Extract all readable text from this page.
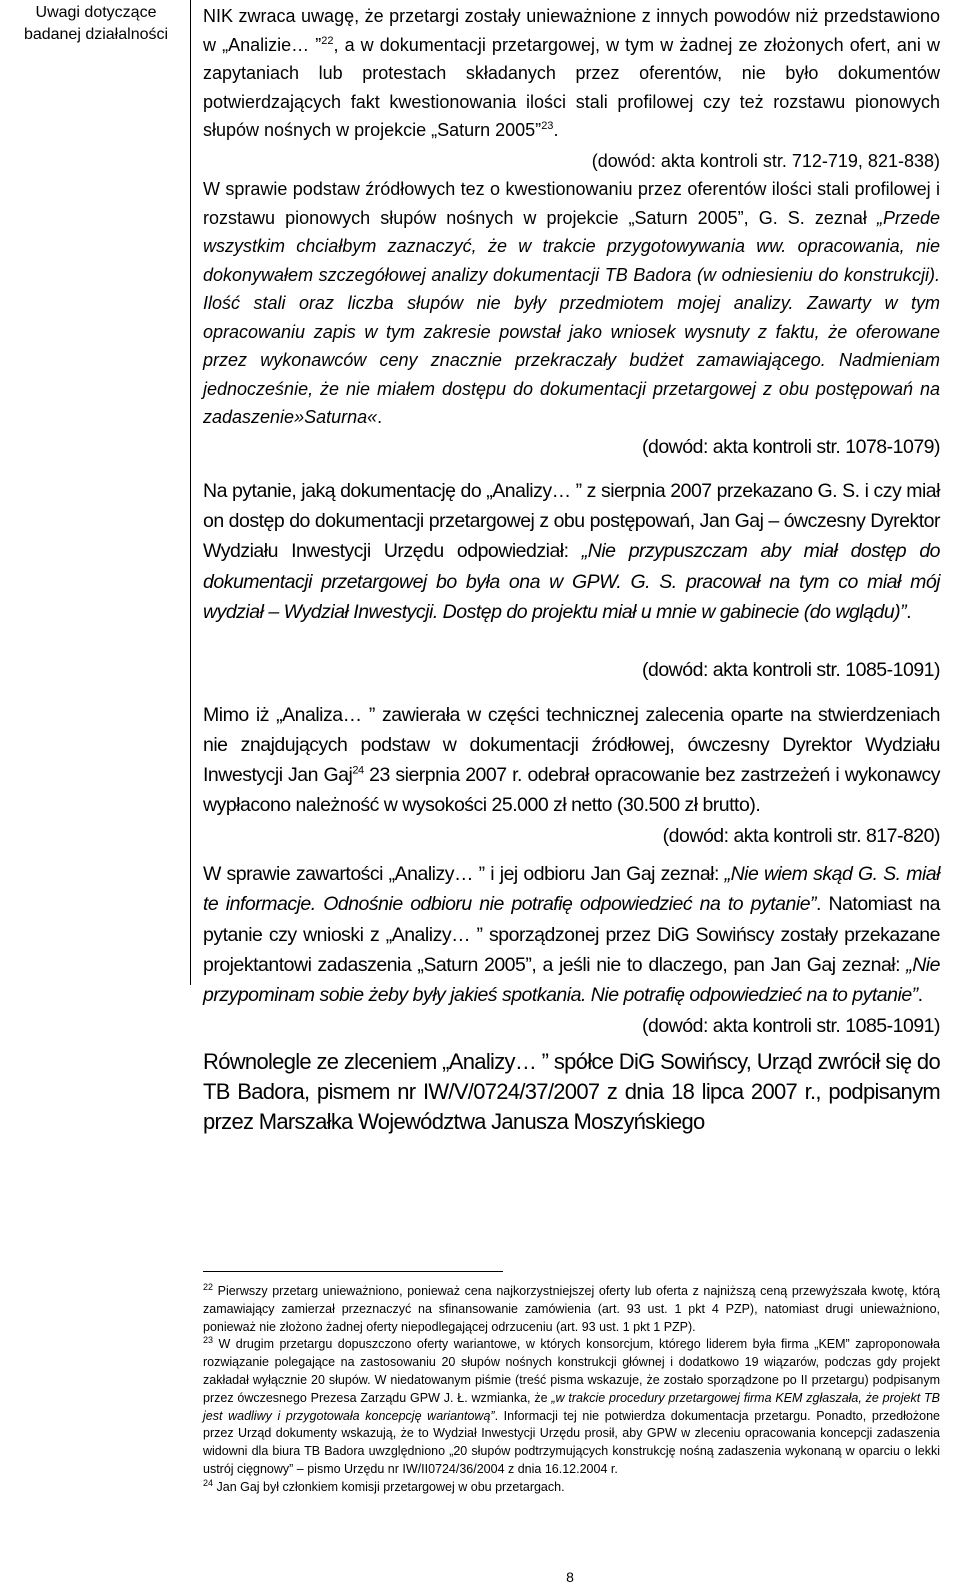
Uwagi dotyczące badanej działalności

NIK zwraca uwagę, że przetargi zostały unieważnione z innych powodów niż przedstawiono w „Analizie… ”$^{22}$, a w dokumentacji przetargowej, w tym w żadnej ze złożonych ofert, ani w zapytaniach lub protestach składanych przez oferentów, nie było dokumentów potwierdzających fakt kwestionowania ilości stali profilowej czy też rozstawu pionowych słupów nośnych w projekcie „Saturn 2005”$^{23}$.

(dowód: akta kontroli str. 712-719, 821-838)

W sprawie podstaw źródłowych tez o kwestionowaniu przez oferentów ilości stali profilowej i rozstawu pionowych słupów nośnych w projekcie „Saturn 2005”, G. S. zeznał „Przede wszystkim chciałbym zaznaczyć, że w trakcie przygotowywania ww. opracowania, nie dokonywałem szczegółowej analizy dokumentacji TB Badora (w odniesieniu do konstrukcji). Ilość stali oraz liczba słupów nie były przedmiotem mojej analizy. Zawarty w tym opracowaniu zapis w tym zakresie powstał jako wniosek wysnuty z faktu, że oferowane przez wykonawców ceny znacznie przekraczały budżet zamawiającego. Nadmieniam jednocześnie, że nie miałem dostępu do dokumentacji przetargowej z obu postępowań na zadaszenie»Saturna«.

(dowód: akta kontroli str. 1078-1079)

Na pytanie, jaką dokumentację do „Analizy… ” z sierpnia 2007 przekazano G. S. i czy miał on dostęp do dokumentacji przetargowej z obu postępowań, Jan Gaj – ówczesny Dyrektor Wydziału Inwestycji Urzędu odpowiedział: „Nie przypuszczam aby miał dostęp do dokumentacji przetargowej bo była ona w GPW. G. S. pracował na tym co miał mój wydział – Wydział Inwestycji. Dostęp do projektu miał u mnie w gabinecie (do wglądu)”.

(dowód: akta kontroli str. 1085-1091)

Mimo iż „Analiza… ” zawierała w części technicznej zalecenia oparte na stwierdzeniach nie znajdujących podstaw w dokumentacji źródłowej, ówczesny Dyrektor Wydziału Inwestycji Jan Gaj$^{24}$ 23 sierpnia 2007 r. odebrał opracowanie bez zastrzeżeń i wykonawcy wypłacono należność w wysokości 25.000 zł netto (30.500 zł brutto).

(dowód: akta kontroli str. 817-820)

W sprawie zawartości „Analizy… ” i jej odbioru Jan Gaj zeznał: „Nie wiem skąd G. S. miał te informacje. Odnośnie odbioru nie potrafię odpowiedzieć na to pytanie”. Natomiast na pytanie czy wnioski z „Analizy… ” sporządzonej przez DiG Sowińscy zostały przekazane projektantowi zadaszenia „Saturn 2005”, a jeśli nie to dlaczego, pan Jan Gaj zeznał: „Nie przypominam sobie żeby były jakieś spotkania. Nie potrafię odpowiedzieć na to pytanie”.

(dowód: akta kontroli str. 1085-1091)

Równolegle ze zleceniem „Analizy… ” spółce DiG Sowińscy, Urząd zwrócił się do TB Badora, pismem nr IW/V/0724/37/2007 z dnia 18 lipca 2007 r., podpisanym przez Marszałka Województwa Janusza Moszyńskiego

$^{22}$ Pierwszy przetarg unieważniono, ponieważ cena najkorzystniejszej oferty lub oferta z najniższą ceną przewyższała kwotę, którą zamawiający zamierzał przeznaczyć na sfinansowanie zamówienia (art. 93 ust. 1 pkt 4 PZP), natomiast drugi unieważniono, ponieważ nie złożono żadnej oferty niepodlegającej odrzuceniu (art. 93 ust. 1 pkt 1 PZP).

$^{23}$ W drugim przetargu dopuszczono oferty wariantowe, w których konsorcjum, którego liderem była firma „KEM” zaproponowała rozwiązanie polegające na zastosowaniu 20 słupów nośnych konstrukcji głównej i dodatkowo 19 wiązarów, podczas gdy projekt zakładał wyłącznie 20 słupów. W niedatowanym piśmie (treść pisma wskazuje, że zostało sporządzone po II przetargu) podpisanym przez ówczesnego Prezesa Zarządu GPW J. Ł. wzmianka, że „w trakcie procedury przetargowej firma KEM zgłaszała, że projekt TB jest wadliwy i przygotowała koncepcję wariantową”. Informacji tej nie potwierdza dokumentacja przetargu. Ponadto, przedłożone przez Urząd dokumenty wskazują, że to Wydział Inwestycji Urzędu prosił, aby GPW w zleceniu opracowania koncepcji zadaszenia widowni dla biura TB Badora uwzględniono „20 słupów podtrzymujących konstrukcję nośną zadaszenia wykonaną w oparciu o lekki ustrój cięgnowy” – pismo Urzędu nr IW/II0724/36/2004 z dnia 16.12.2004 r.

$^{24}$ Jan Gaj był członkiem komisji przetargowej w obu przetargach.

8
